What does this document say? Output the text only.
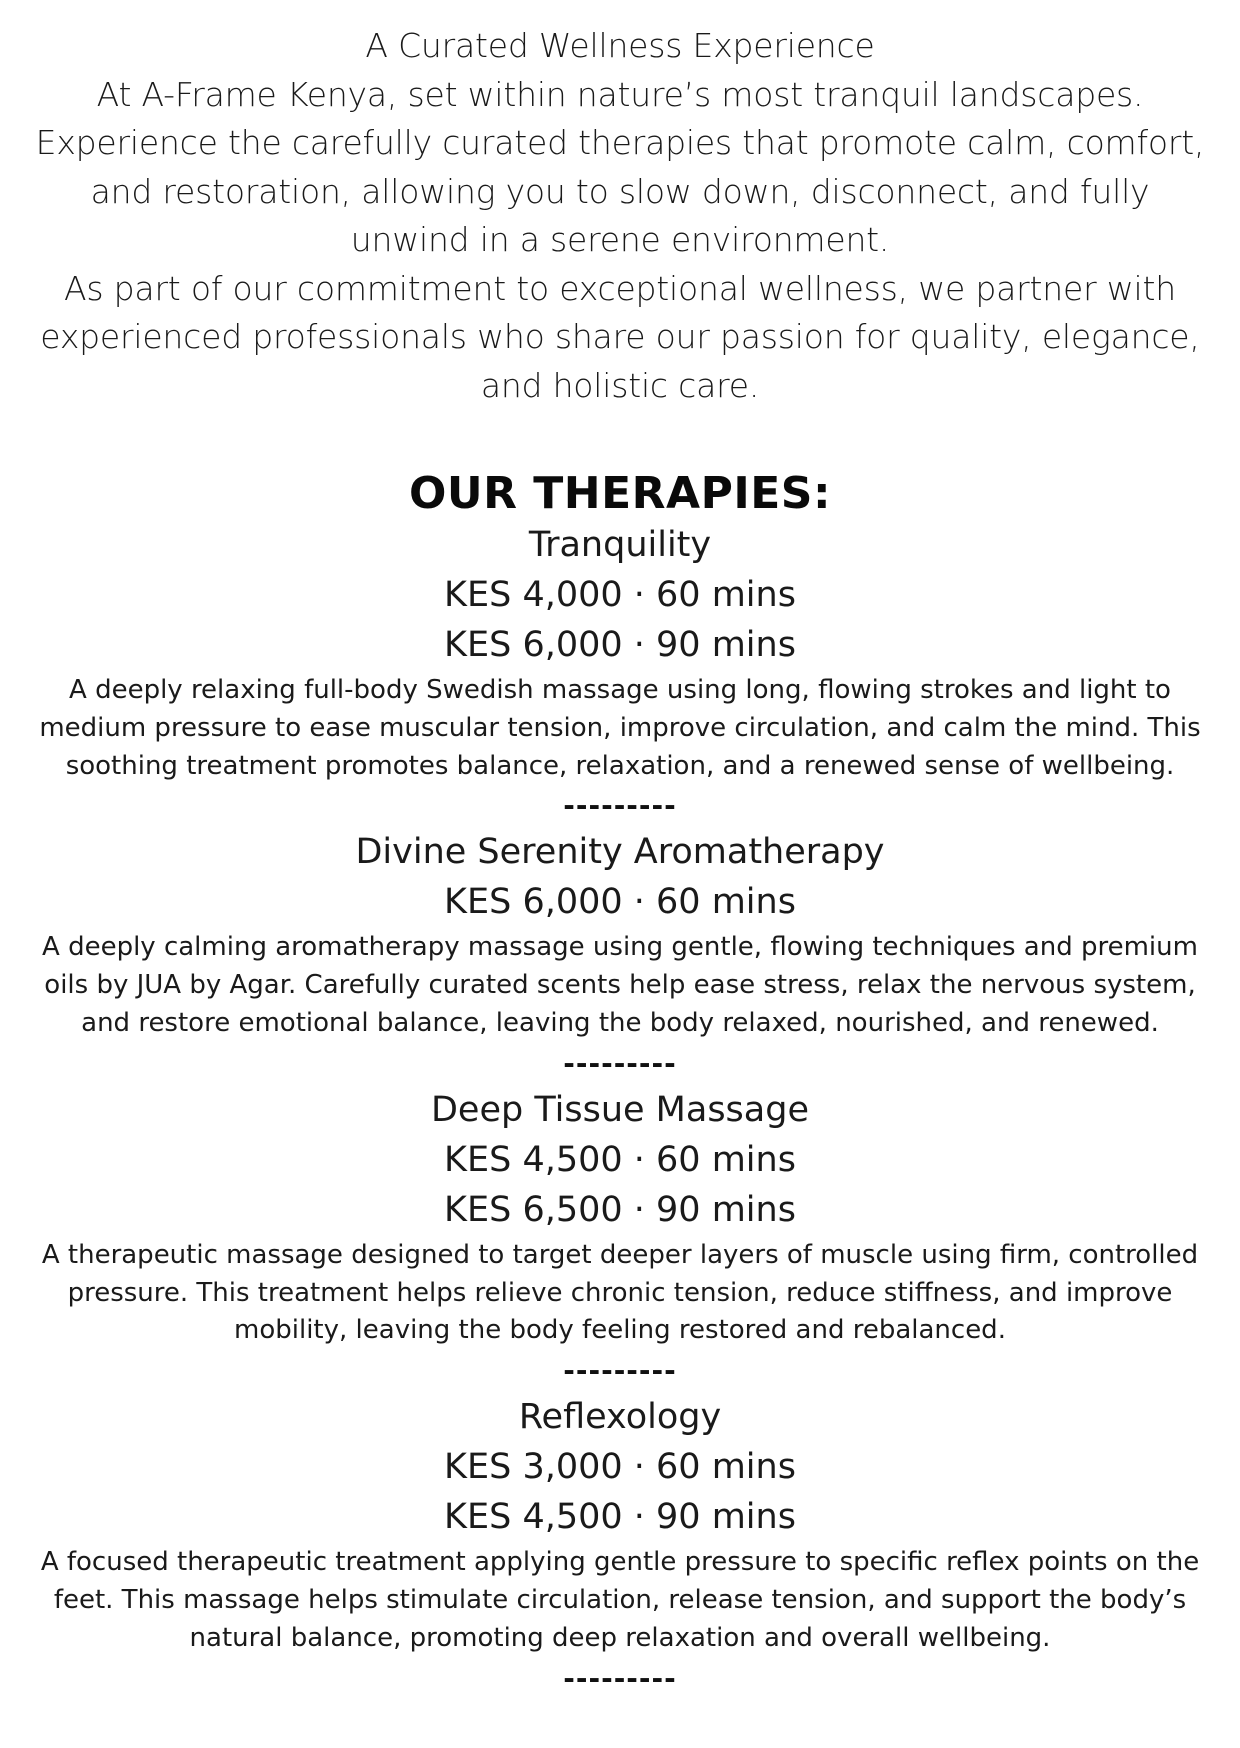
A Curated Wellness Experience
At A-Frame Kenya, set within nature’s most tranquil landscapes.
Experience the carefully curated therapies that promote calm, comfort,
and restoration, allowing you to slow down, disconnect, and fully
unwind in a serene environment.
As part of our commitment to exceptional wellness, we partner with
experienced professionals who share our passion for quality, elegance,
and holistic care.
OUR THERAPIES:
Tranquility
KES 4,000 · 60 mins
KES 6,000 · 90 mins
A deeply relaxing full-body Swedish massage using long, flowing strokes and light to medium pressure to ease muscular tension, improve circulation, and calm the mind. This soothing treatment promotes balance, relaxation, and a renewed sense of wellbeing.
---------
Divine Serenity Aromatherapy
KES 6,000 · 60 mins
A deeply calming aromatherapy massage using gentle, flowing techniques and premium oils by JUA by Agar. Carefully curated scents help ease stress, relax the nervous system, and restore emotional balance, leaving the body relaxed, nourished, and renewed.
---------
Deep Tissue Massage
KES 4,500 · 60 mins
KES 6,500 · 90 mins
A therapeutic massage designed to target deeper layers of muscle using firm, controlled pressure. This treatment helps relieve chronic tension, reduce stiffness, and improve mobility, leaving the body feeling restored and rebalanced.
---------
Reflexology
KES 3,000 · 60 mins
KES 4,500 · 90 mins
A focused therapeutic treatment applying gentle pressure to specific reflex points on the feet. This massage helps stimulate circulation, release tension, and support the body’s natural balance, promoting deep relaxation and overall wellbeing.
---------
